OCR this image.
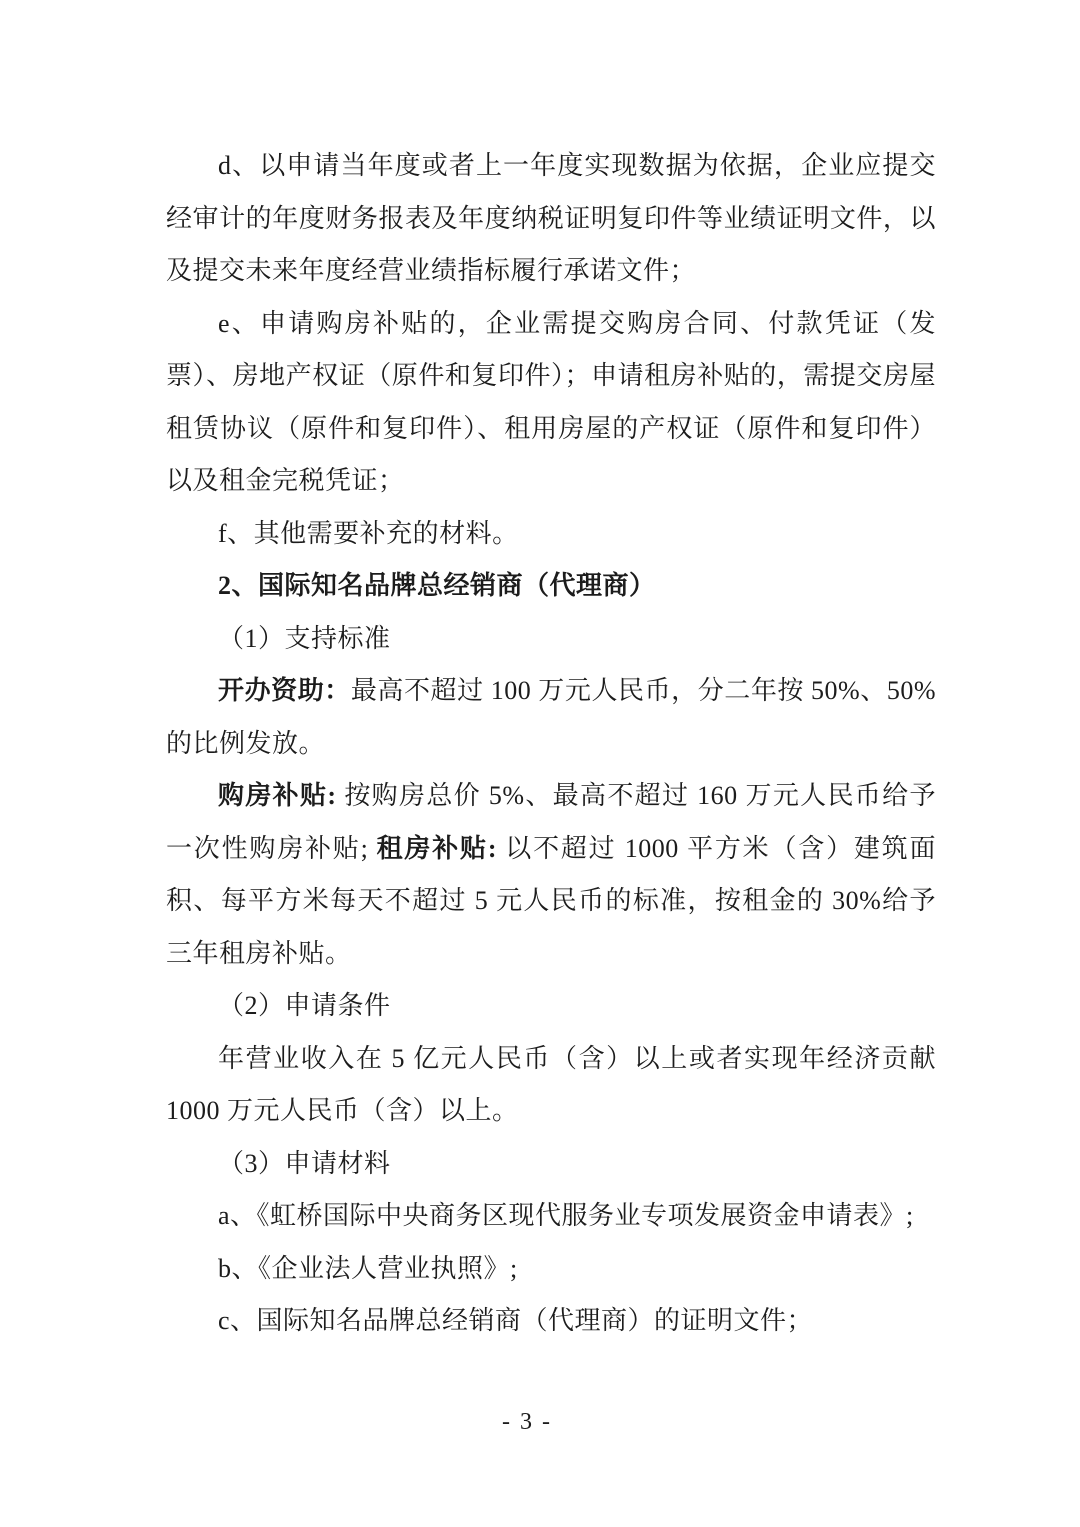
d、以申请当年度或者上一年度实现数据为依据，企业应提交经审计的年度财务报表及年度纳税证明复印件等业绩证明文件，以及提交未来年度经营业绩指标履行承诺文件；

e、申请购房补贴的，企业需提交购房合同、付款凭证（发票）、房地产权证（原件和复印件）；申请租房补贴的，需提交房屋租赁协议（原件和复印件）、租用房屋的产权证（原件和复印件）以及租金完税凭证；

f、其他需要补充的材料。

2、国际知名品牌总经销商（代理商）

（1）支持标准

开办资助：最高不超过 100 万元人民币，分二年按 50%、50%的比例发放。

购房补贴: 按购房总价 5%、最高不超过 160 万元人民币给予一次性购房补贴; 租房补贴: 以不超过 1000 平方米（含）建筑面积、每平方米每天不超过 5 元人民币的标准，按租金的 30%给予三年租房补贴。

（2）申请条件

年营业收入在 5 亿元人民币（含）以上或者实现年经济贡献 1000 万元人民币（含）以上。

（3）申请材料

a、《虹桥国际中央商务区现代服务业专项发展资金申请表》;

b、《企业法人营业执照》;

c、国际知名品牌总经销商（代理商）的证明文件；

- 3 -
